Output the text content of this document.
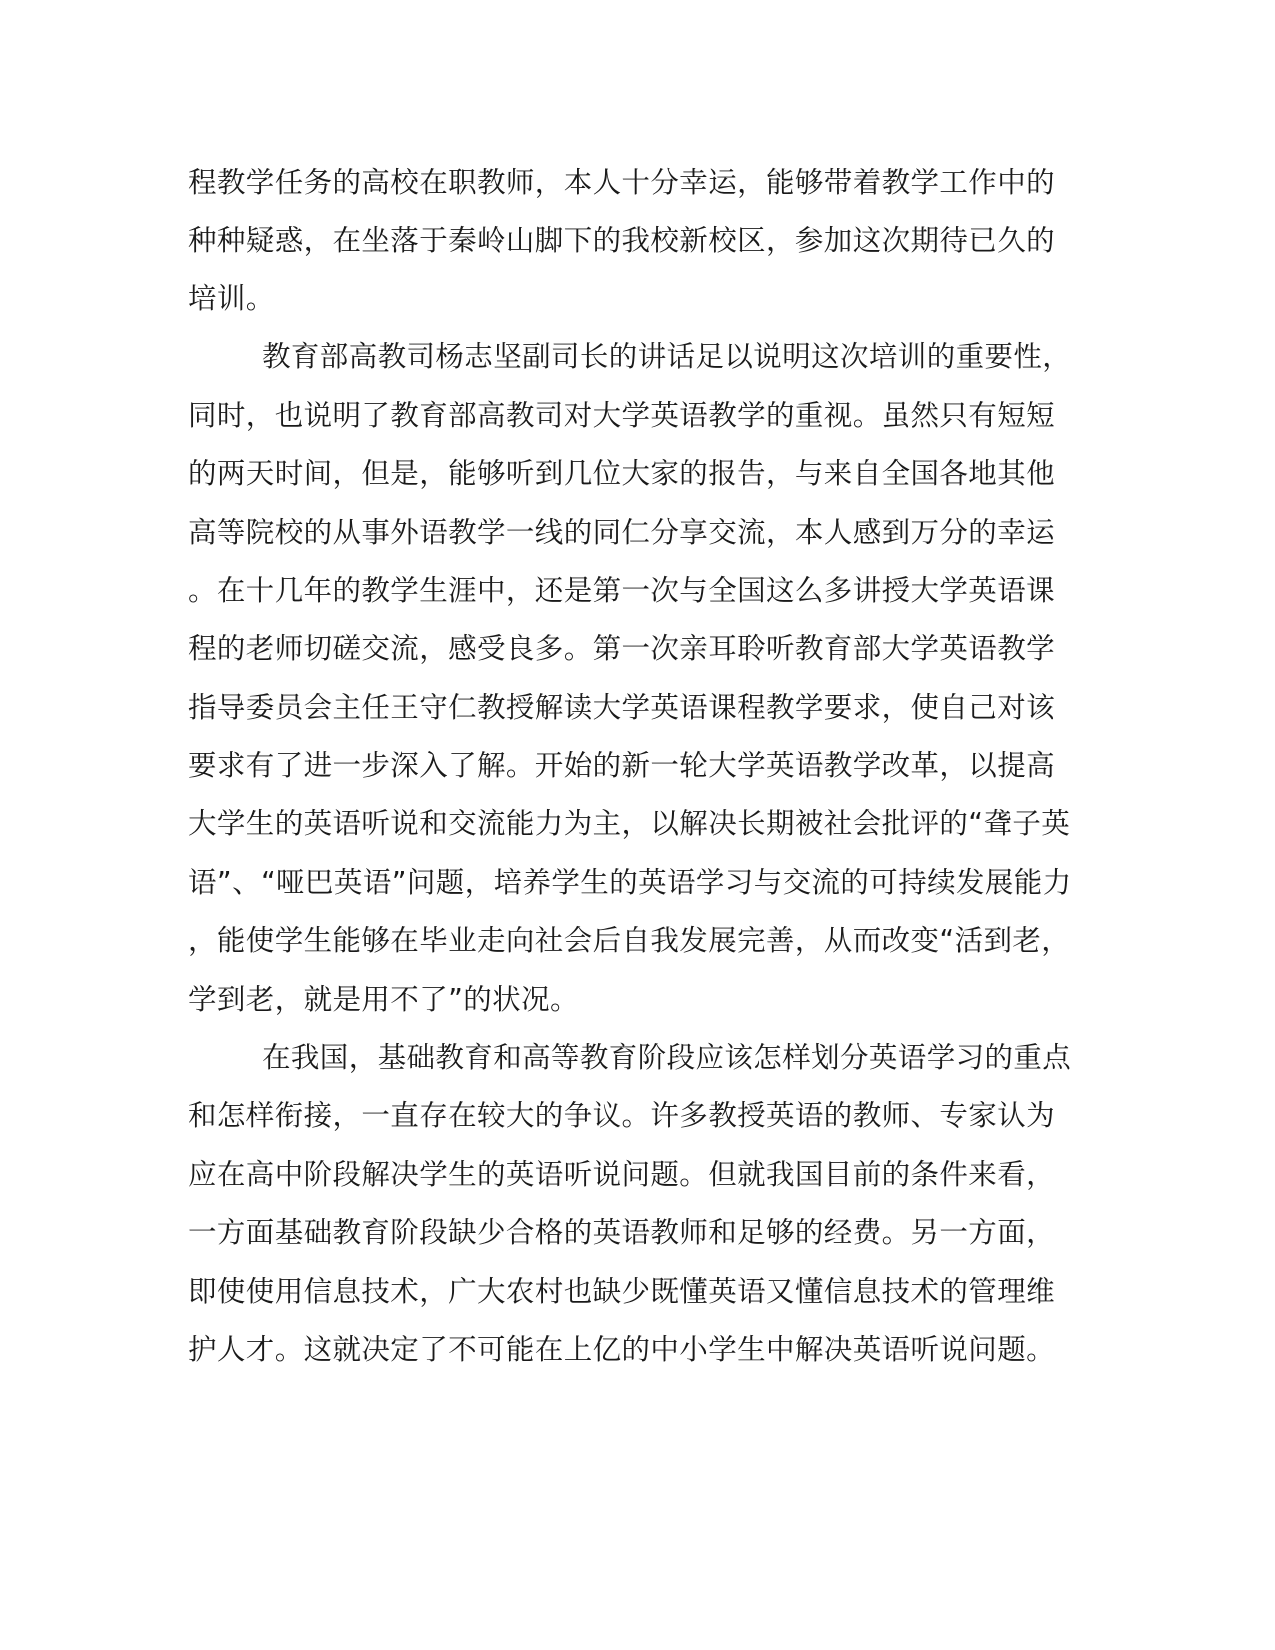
程教学任务的高校在职教师，本人十分幸运，能够带着教学工作中的

种种疑惑，在坐落于秦岭山脚下的我校新校区，参加这次期待已久的

培训。

教育部高教司杨志坚副司长的讲话足以说明这次培训的重要性，

同时，也说明了教育部高教司对大学英语教学的重视。虽然只有短短

的两天时间，但是，能够听到几位大家的报告，与来自全国各地其他

高等院校的从事外语教学一线的同仁分享交流，本人感到万分的幸运

。在十几年的教学生涯中，还是第一次与全国这么多讲授大学英语课

程的老师切磋交流，感受良多。第一次亲耳聆听教育部大学英语教学

指导委员会主任王守仁教授解读大学英语课程教学要求，使自己对该

要求有了进一步深入了解。开始的新一轮大学英语教学改革，以提高

大学生的英语听说和交流能力为主，以解决长期被社会批评的“聋子英

语”、“哑巴英语”问题，培养学生的英语学习与交流的可持续发展能力

，能使学生能够在毕业走向社会后自我发展完善，从而改变“活到老，

学到老，就是用不了”的状况。

在我国，基础教育和高等教育阶段应该怎样划分英语学习的重点

和怎样衔接，一直存在较大的争议。许多教授英语的教师、专家认为

应在高中阶段解决学生的英语听说问题。但就我国目前的条件来看，

一方面基础教育阶段缺少合格的英语教师和足够的经费。另一方面，

即使使用信息技术，广大农村也缺少既懂英语又懂信息技术的管理维

护人才。这就决定了不可能在上亿的中小学生中解决英语听说问题。
